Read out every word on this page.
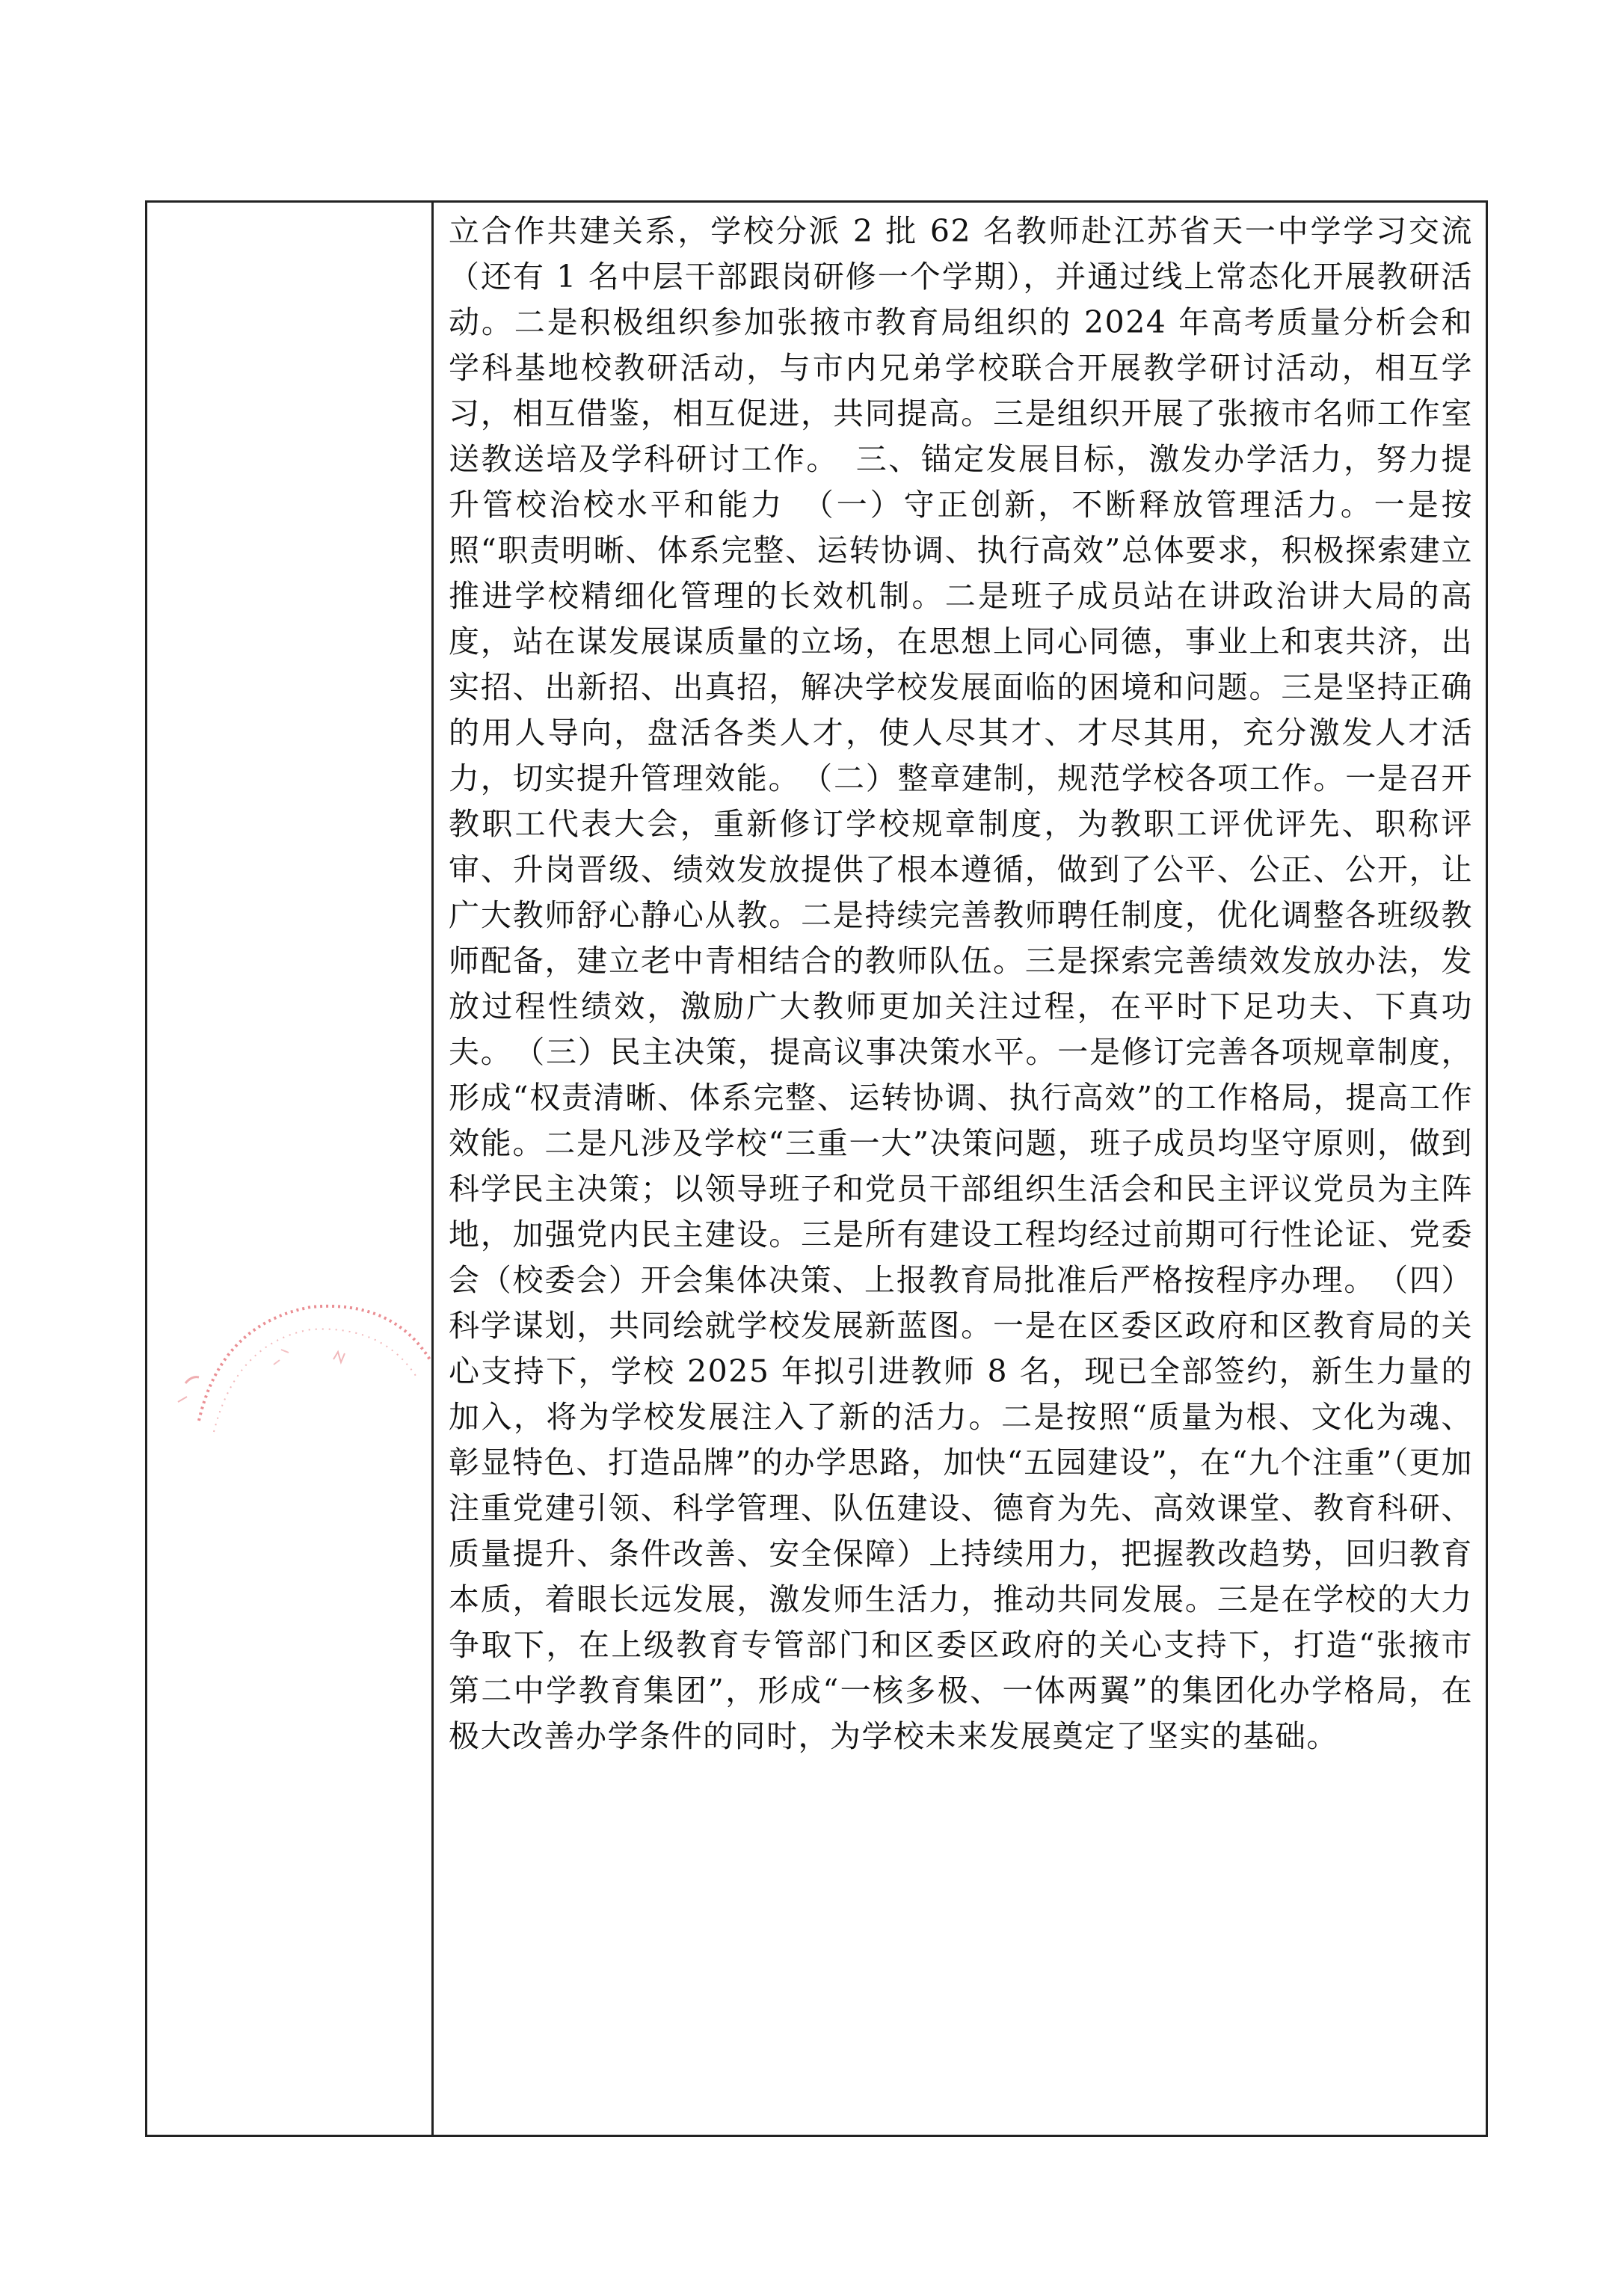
立合作共建关系，学校分派 2 批 62 名教师赴江苏省天一中学学习交流（还有 1 名中层干部跟岗研修一个学期），并通过线上常态化开展教研活动。二是积极组织参加张掖市教育局组织的 2024 年高考质量分析会和学科基地校教研活动，与市内兄弟学校联合开展教学研讨活动，相互学习，相互借鉴，相互促进，共同提高。三是组织开展了张掖市名师工作室送教送培及学科研讨工作。　三、锚定发展目标，激发办学活力，努力提升管校治校水平和能力　（一）守正创新，不断释放管理活力。一是按照“职责明晰、体系完整、运转协调、执行高效”总体要求，积极探索建立推进学校精细化管理的长效机制。二是班子成员站在讲政治讲大局的高度，站在谋发展谋质量的立场，在思想上同心同德，事业上和衷共济，出实招、出新招、出真招，解决学校发展面临的困境和问题。三是坚持正确的用人导向，盘活各类人才，使人尽其才、才尽其用，充分激发人才活力，切实提升管理效能。　（二）整章建制，规范学校各项工作。一是召开教职工代表大会，重新修订学校规章制度，为教职工评优评先、职称评审、升岗晋级、绩效发放提供了根本遵循，做到了公平、公正、公开，让广大教师舒心静心从教。二是持续完善教师聘任制度，优化调整各班级教师配备，建立老中青相结合的教师队伍。三是探索完善绩效发放办法，发放过程性绩效，激励广大教师更加关注过程，在平时下足功夫、下真功夫。　（三）民主决策，提高议事决策水平。一是修订完善各项规章制度，形成“权责清晰、体系完整、运转协调、执行高效”的工作格局，提高工作效能。二是凡涉及学校“三重一大”决策问题，班子成员均坚守原则，做到科学民主决策；以领导班子和党员干部组织生活会和民主评议党员为主阵地，加强党内民主建设。三是所有建设工程均经过前期可行性论证、党委会（校委会）开会集体决策、上报教育局批准后严格按程序办理。　（四）科学谋划，共同绘就学校发展新蓝图。一是在区委区政府和区教育局的关心支持下，学校 2025 年拟引进教师 8 名，现已全部签约，新生力量的加入，将为学校发展注入了新的活力。二是按照“质量为根、文化为魂、彰显特色、打造品牌”的办学思路，加快“五园建设”，在“九个注重”（更加注重党建引领、科学管理、队伍建设、德育为先、高效课堂、教育科研、质量提升、条件改善、安全保障）上持续用力，把握教改趋势，回归教育本质，着眼长远发展，激发师生活力，推动共同发展。三是在学校的大力争取下，在上级教育专管部门和区委区政府的关心支持下，打造“张掖市第二中学教育集团”，形成“一核多极、一体两翼”的集团化办学格局，在极大改善办学条件的同时，为学校未来发展奠定了坚实的基础。
